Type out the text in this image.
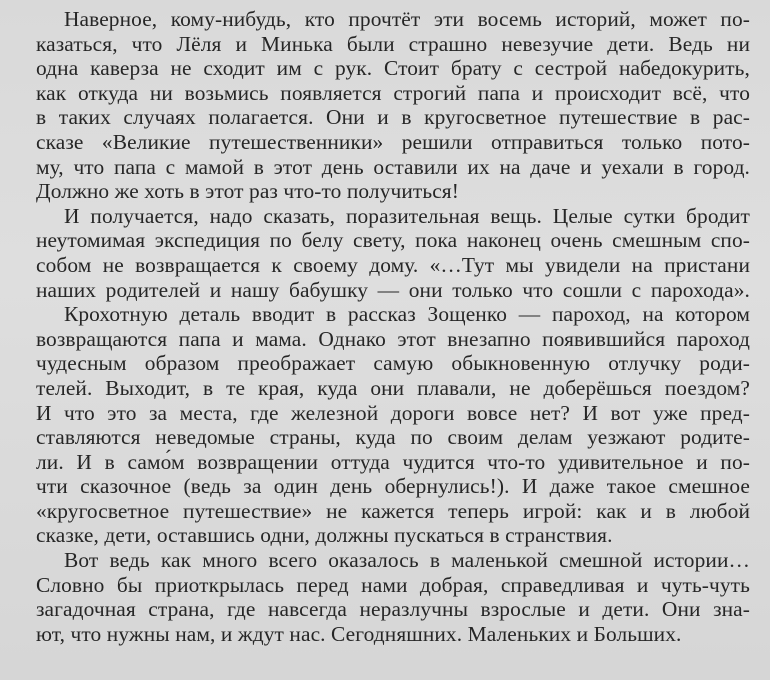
Наверное, кому-нибудь, кто прочтёт эти восемь историй, может по-
казаться, что Лёля и Минька были страшно невезучие дети. Ведь ни
одна каверза не сходит им с рук. Стоит брату с сестрой набедокурить,
как откуда ни возьмись появляется строгий папа и происходит всё, что
в таких случаях полагается. Они и в кругосветное путешествие в рас-
сказе «Великие путешественники» решили отправиться только пото-
му, что папа с мамой в этот день оставили их на даче и уехали в город.
Должно же хоть в этот раз что-то получиться!
И получается, надо сказать, поразительная вещь. Целые сутки бродит
неутомимая экспедиция по белу свету, пока наконец очень смешным спо-
собом не возвращается к своему дому. «…Тут мы увидели на пристани
наших родителей и нашу бабушку — они только что сошли с парохода».
Крохотную деталь вводит в рассказ Зощенко — пароход, на котором
возвращаются папа и мама. Однако этот внезапно появившийся пароход
чудесным образом преображает самую обыкновенную отлучку роди-
телей. Выходит, в те края, куда они плавали, не доберёшься поездом?
И что это за места, где железной дороги вовсе нет? И вот уже пред-
ставляются неведомые страны, куда по своим делам уезжают родите-
ли. И в само́м возвращении оттуда чудится что-то удивительное и по-
чти сказочное (ведь за один день обернулись!). И даже такое смешное
«кругосветное путешествие» не кажется теперь игрой: как и в любой
сказке, дети, оставшись одни, должны пускаться в странствия.
Вот ведь как много всего оказалось в маленькой смешной истории…
Словно бы приоткрылась перед нами добрая, справедливая и чуть-чуть
загадочная страна, где навсегда неразлучны взрослые и дети. Они зна-
ют, что нужны нам, и ждут нас. Сегодняшних. Маленьких и Больших.
